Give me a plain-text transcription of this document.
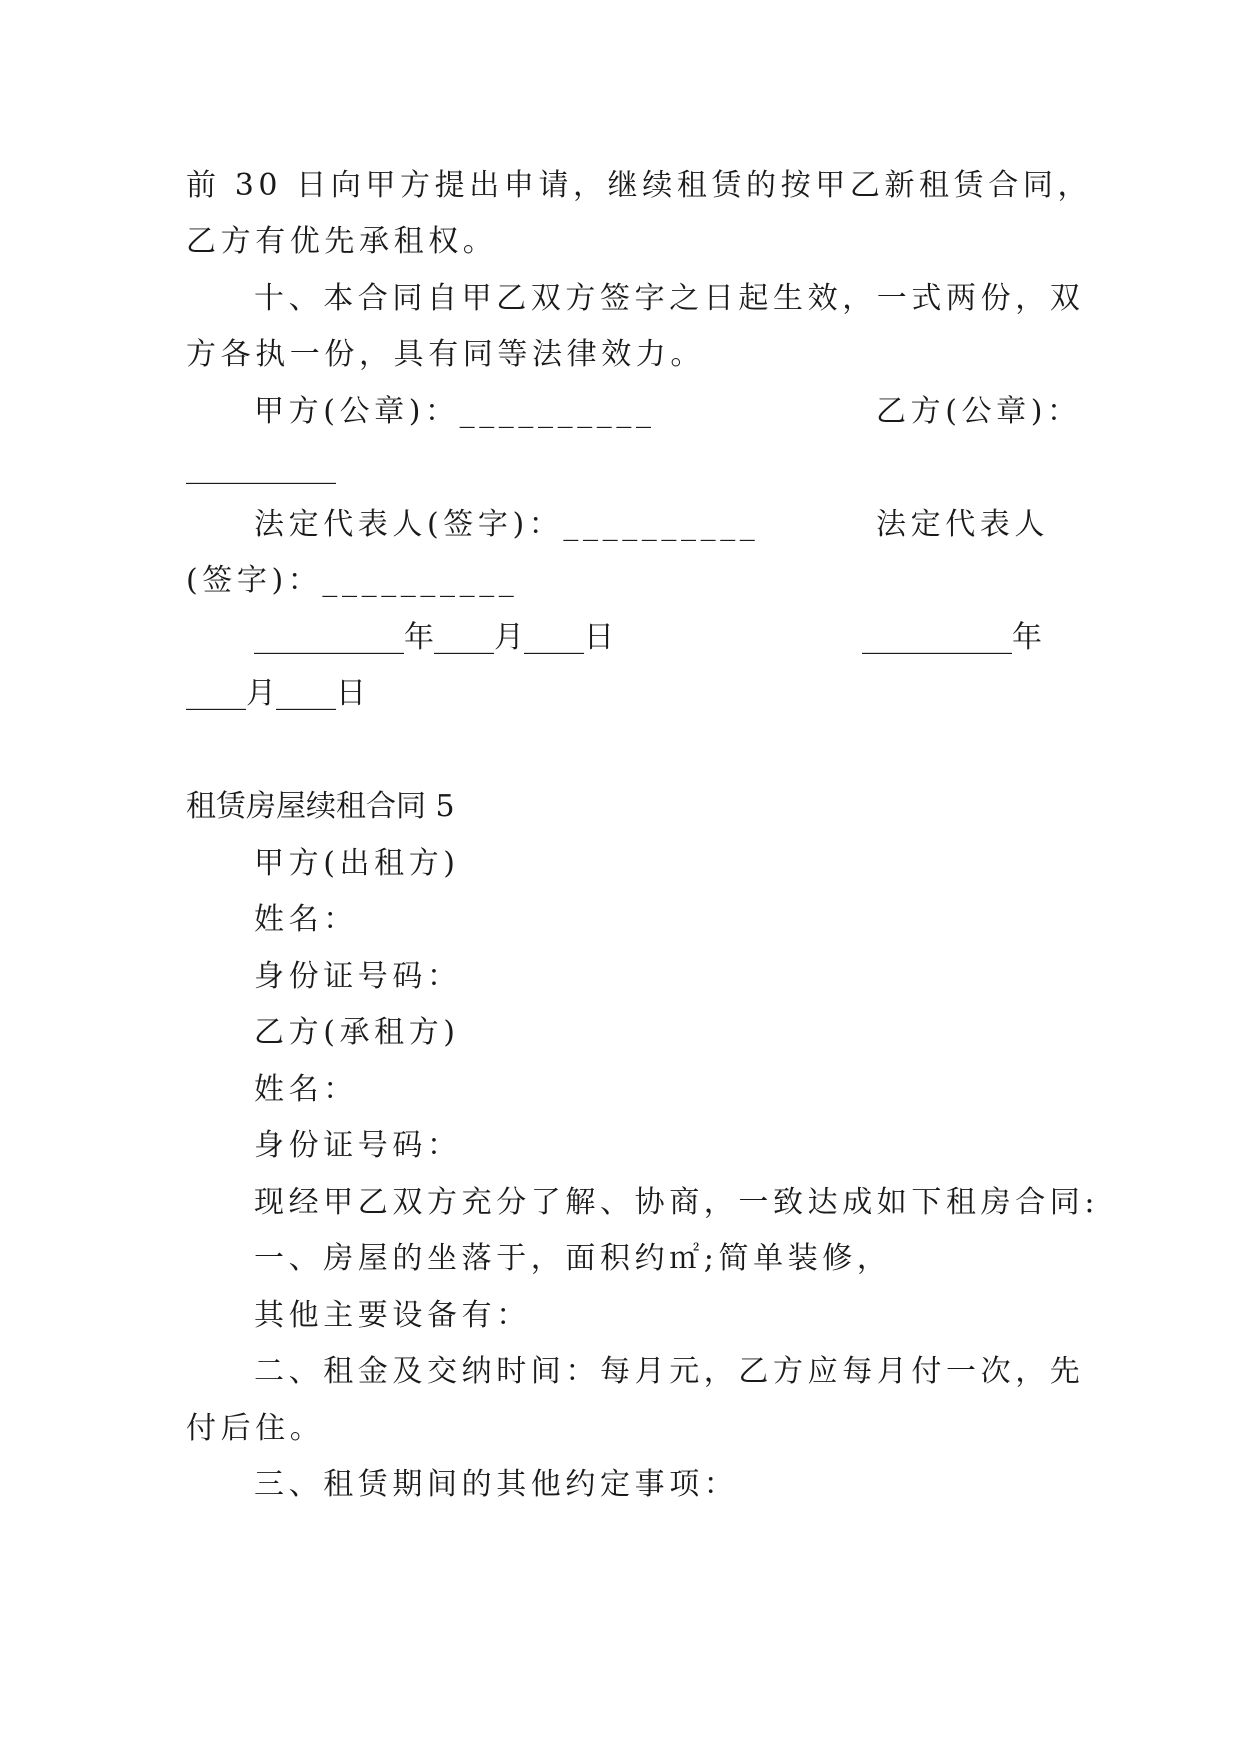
前 30 日向甲方提出申请，继续租赁的按甲乙新租赁合同，
乙方有优先承租权。
十、本合同自甲乙双方签字之日起生效，一式两份，双
方各执一份，具有同等法律效力。
甲方(公章)：__________	乙方(公章)：
__________
法定代表人(签字)：__________	法定代表人
(签字)：__________
__________年____月____日	__________年
____月____日
租赁房屋续租合同 5
甲方(出租方)
姓名：
身份证号码：
乙方(承租方)
姓名：
身份证号码：
现经甲乙双方充分了解、协商，一致达成如下租房合同:
一、房屋的坐落于，面积约㎡;简单装修，
其他主要设备有：
二、租金及交纳时间：每月元，乙方应每月付一次，先
付后住。
三、租赁期间的其他约定事项：
